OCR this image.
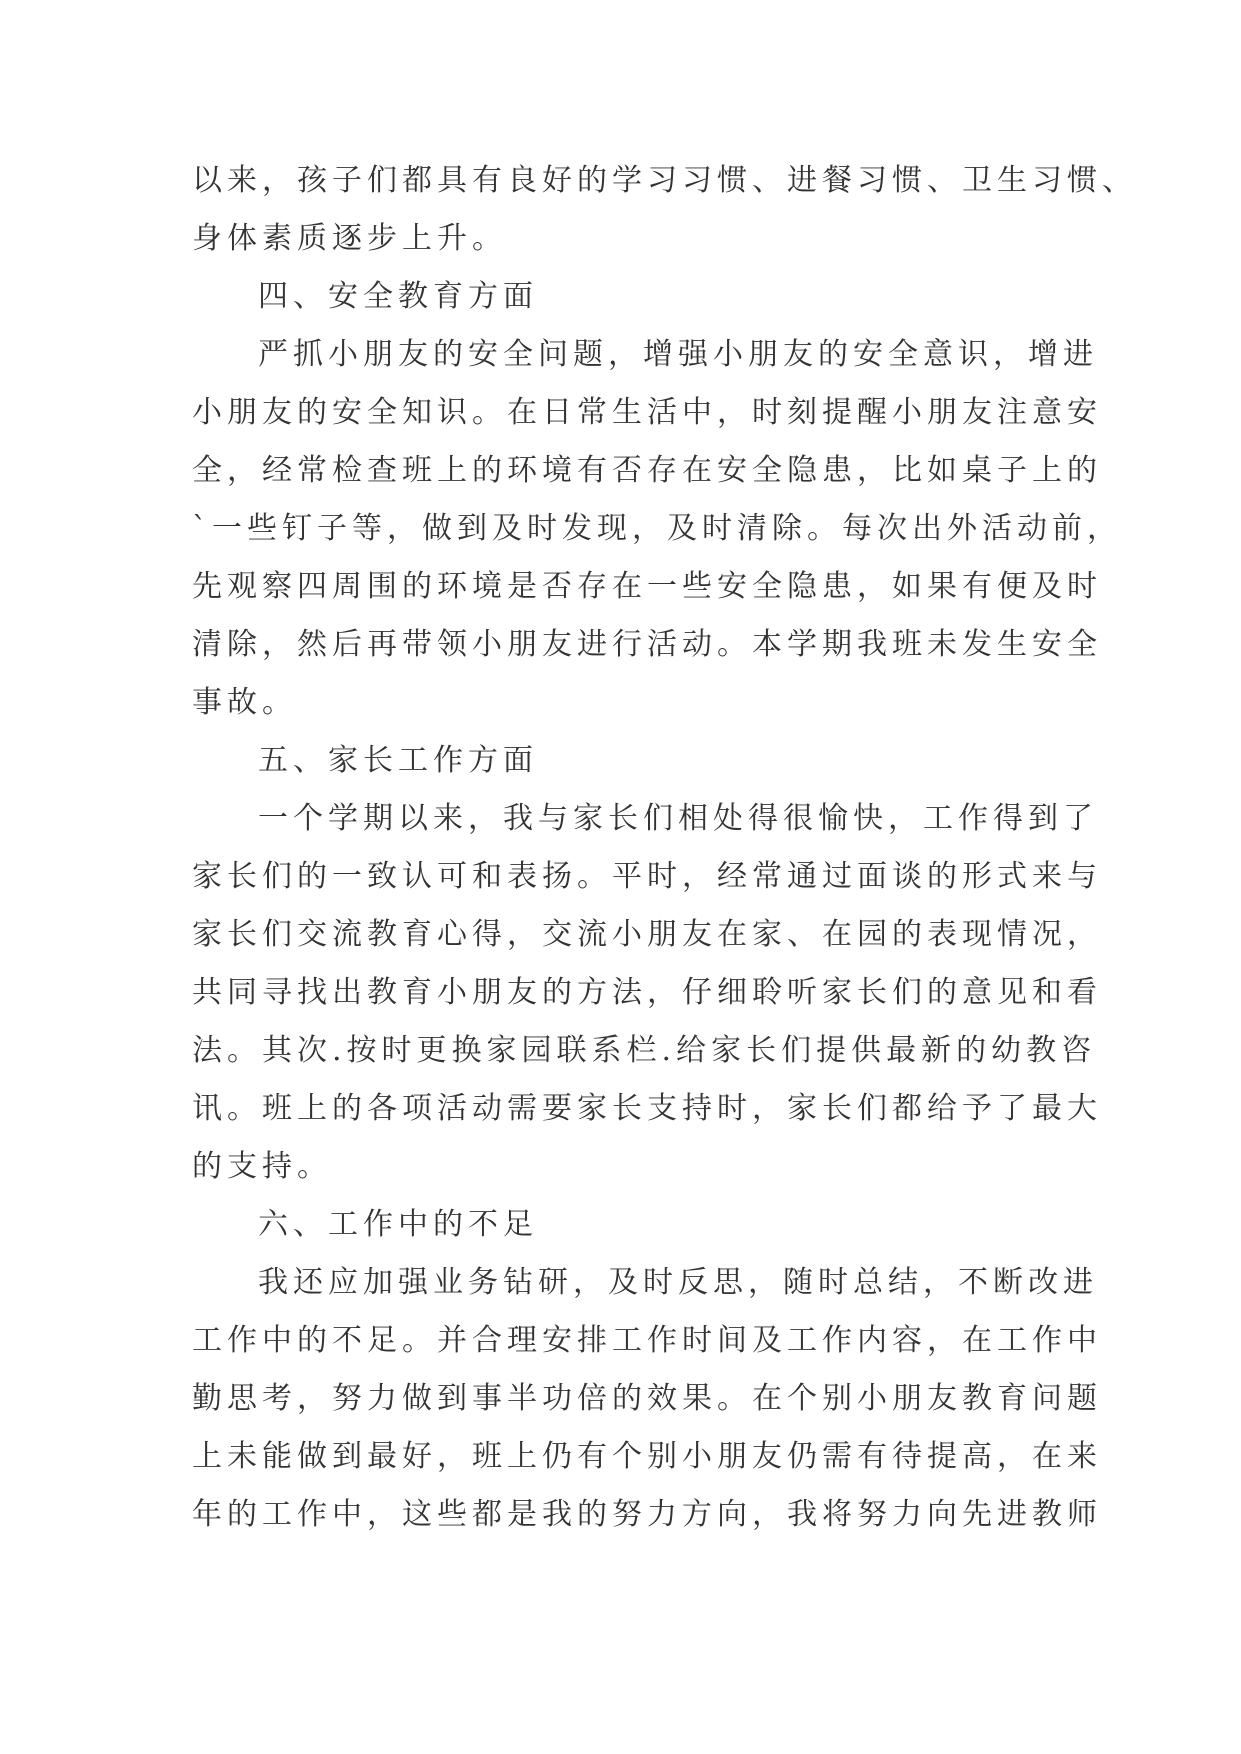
以来，孩子们都具有良好的学习习惯、进餐习惯、卫生习惯、
身体素质逐步上升。
四、安全教育方面
严抓小朋友的安全问题，增强小朋友的安全意识，增进
小朋友的安全知识。在日常生活中，时刻提醒小朋友注意安
全，经常检查班上的环境有否存在安全隐患，比如桌子上的
`一些钉子等，做到及时发现，及时清除。每次出外活动前，
先观察四周围的环境是否存在一些安全隐患，如果有便及时
清除，然后再带领小朋友进行活动。本学期我班未发生安全
事故。
五、家长工作方面
一个学期以来，我与家长们相处得很愉快，工作得到了
家长们的一致认可和表扬。平时，经常通过面谈的形式来与
家长们交流教育心得，交流小朋友在家、在园的表现情况，
共同寻找出教育小朋友的方法，仔细聆听家长们的意见和看
法。其次.按时更换家园联系栏.给家长们提供最新的幼教咨
讯。班上的各项活动需要家长支持时，家长们都给予了最大
的支持。
六、工作中的不足
我还应加强业务钻研，及时反思，随时总结，不断改进
工作中的不足。并合理安排工作时间及工作内容，在工作中
勤思考，努力做到事半功倍的效果。在个别小朋友教育问题
上未能做到最好，班上仍有个别小朋友仍需有待提高，在来
年的工作中，这些都是我的努力方向，我将努力向先进教师
